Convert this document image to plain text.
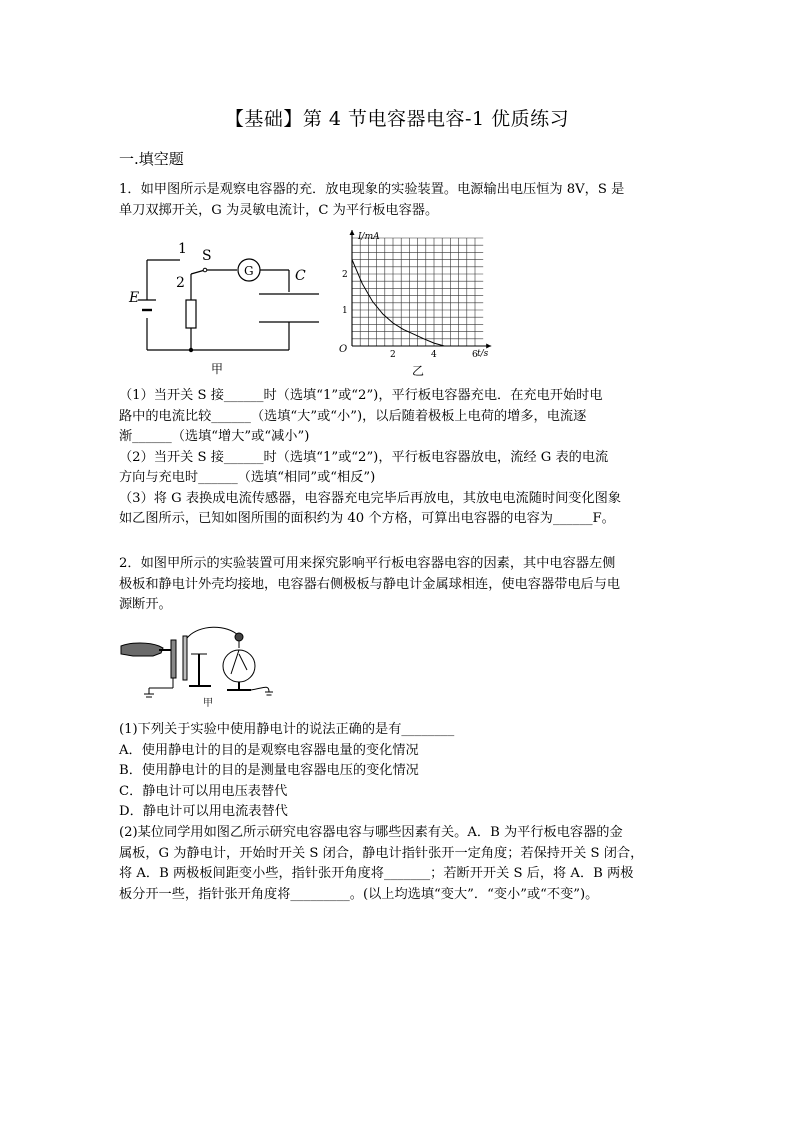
【基础】第 4 节电容器电容-1 优质练习
一.填空题
1．如甲图所示是观察电容器的充．放电现象的实验装置。电源输出电压恒为 8V，S 是
单刀双掷开关，G 为灵敏电流计，C 为平行板电容器。
1
2
S
G	C
E
甲
1
2
2	4	6
I/mA
t/s
O
乙
（1）当开关 S 接______时（选填“1”或“2”)，平行板电容器充电．在充电开始时电
路中的电流比较______（选填“大”或“小”)，以后随着极板上电荷的增多，电流逐
渐______（选填“增大”或“减小”)
（2）当开关 S 接______时（选填“1”或“2”)，平行板电容器放电，流经 G 表的电流
方向与充电时______（选填“相同”或“相反”)
（3）将 G 表换成电流传感器，电容器充电完毕后再放电，其放电电流随时间变化图象
如乙图所示，已知如图所围的面积约为 40 个方格，可算出电容器的电容为______F。
2．如图甲所示的实验装置可用来探究影响平行板电容器电容的因素，其中电容器左侧
极板和静电计外壳均接地，电容器右侧极板与静电计金属球相连，使电容器带电后与电
源断开。
甲
(1)下列关于实验中使用静电计的说法正确的是有________
A．使用静电计的目的是观察电容器电量的变化情况
B．使用静电计的目的是测量电容器电压的变化情况
C．静电计可以用电压表替代
D．静电计可以用电流表替代
(2)某位同学用如图乙所示研究电容器电容与哪些因素有关。A．B 为平行板电容器的金
属板，G 为静电计，开始时开关 S 闭合，静电计指针张开一定角度；若保持开关 S 闭合，
将 A．B 两极板间距变小些，指针张开角度将_______；若断开开关 S 后，将 A．B 两极
板分开一些，指针张开角度将_________。(以上均选填“变大”．“变小”或“不变”)。
